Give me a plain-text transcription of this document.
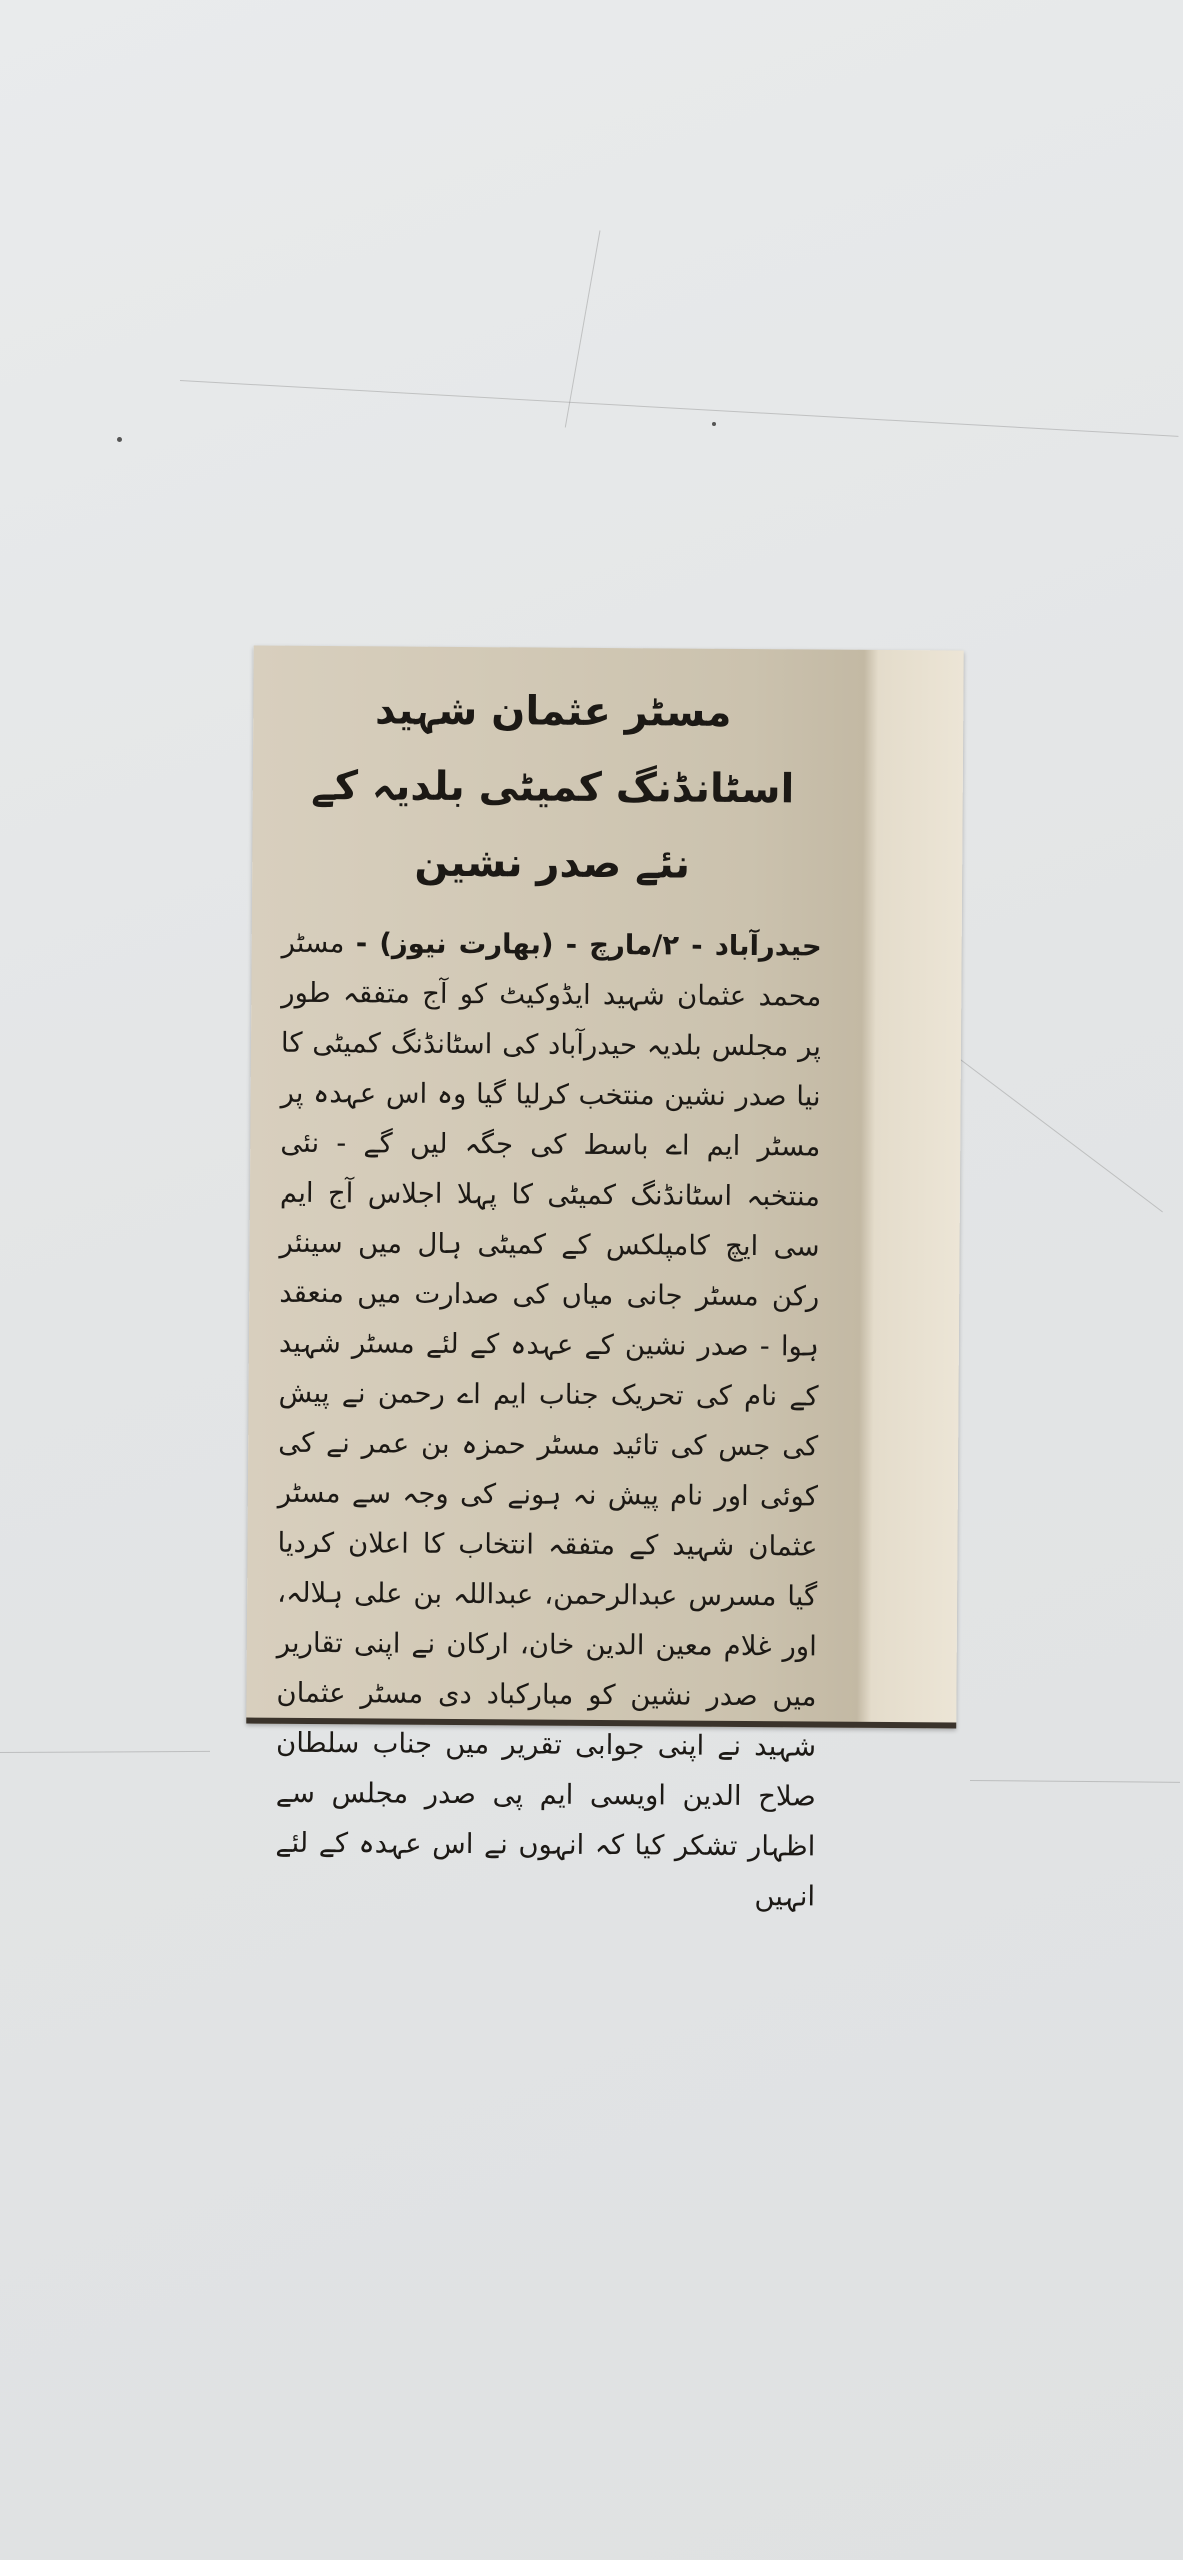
مسٹر عثمان شہید اسٹانڈنگ کمیٹی بلدیہ کے نئے صدر نشین

حیدرآباد - ۲/مارچ - (بھارت نیوز) - مسٹر محمد عثمان شہید ایڈوکیٹ کو آج متفقہ طور پر مجلس بلدیہ حیدرآباد کی اسٹانڈنگ کمیٹی کا نیا صدر نشین منتخب کرلیا گیا وہ اس عہدہ پر مسٹر ایم اے باسط کی جگہ لیں گے - نئی منتخبہ اسٹانڈنگ کمیٹی کا پہلا اجلاس آج ایم سی ایچ کامپلکس کے کمیٹی ہال میں سینئر رکن مسٹر جانی میاں کی صدارت میں منعقد ہوا - صدر نشین کے عہدہ کے لئے مسٹر شہید کے نام کی تحریک جناب ایم اے رحمن نے پیش کی جس کی تائید مسٹر حمزہ بن عمر نے کی کوئی اور نام پیش نہ ہونے کی وجہ سے مسٹر عثمان شہید کے متفقہ انتخاب کا اعلان کردیا گیا مسرس عبدالرحمن، عبداللہ بن علی ہلالہ، اور غلام معین الدین خان، ارکان نے اپنی تقاریر میں صدر نشین کو مبارکباد دی مسٹر عثمان شہید نے اپنی جوابی تقریر میں جناب سلطان صلاح الدین اویسی ایم پی صدر مجلس سے اظہار تشکر کیا کہ انہوں نے اس عہدہ کے لئے انہیں
